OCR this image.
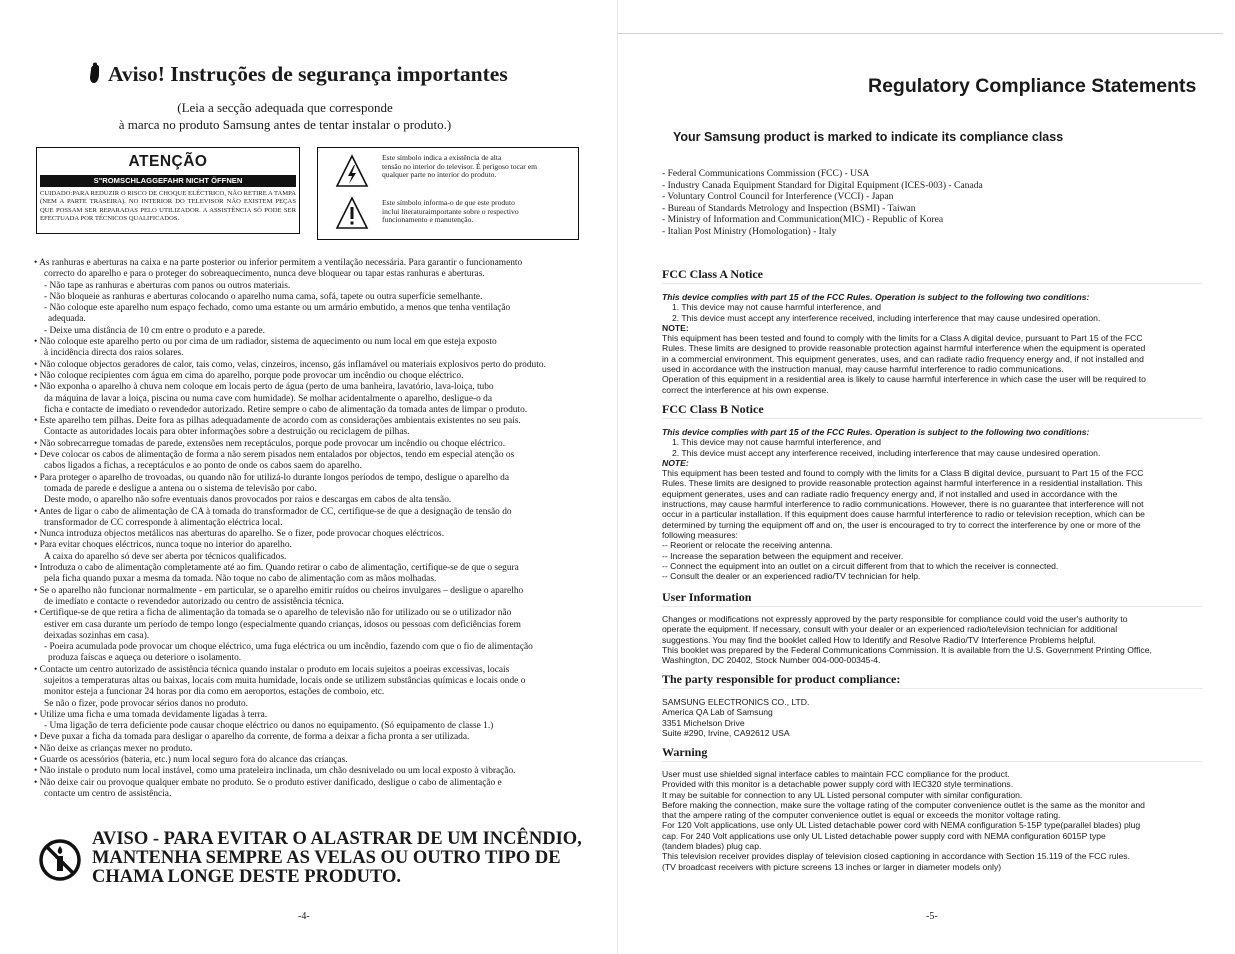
Aviso! Instruções de segurança importantes
(Leia a secção adequada que corresponde
à marca no produto Samsung antes de tentar instalar o produto.)
ATENÇÃO
S"ROMSCHLAGGEFAHR NICHT ÖFFNEN
CUIDADO:PARA REDUZIR O RISCO DE CHOQUE ELÉCTRICO, NÃO RETIRE A TAMPA (NEM A PARTE TRASEIRA). NO INTERIOR DO TELEVISOR NÃO EXISTEM PEÇAS QUE POSSAM SER REPARADAS PELO UTILIZADOR. A ASSISTÊNCIA SÓ PODE SER EFECTUADA POR TÉCNICOS QUALIFICADOS.
Este símbolo indica a existência de alta
tensão no interior do televisor. É perigoso tocar em
qualquer parte no interior do produto.
Este símbolo informa-o de que este produto
inclui literaturaimportante sobre o respectivo
funcionamento e manutenção.

• As ranhuras e aberturas na caixa e na parte posterior ou inferior permitem a ventilação necessária. Para garantir o funcionamento

correcto do aparelho e para o proteger do sobreaquecimento, nunca deve bloquear ou tapar estas ranhuras e aberturas.

- Não tape as ranhuras e aberturas com panos ou outros materiais.

- Não bloqueie as ranhuras e aberturas colocando o aparelho numa cama, sofá, tapete ou outra superfície semelhante.

- Não coloque este aparelho num espaço fechado, como uma estante ou um armário embutido, a menos que tenha ventilação

adequada.

- Deixe uma distância de 10 cm entre o produto e a parede.

• Não coloque este aparelho perto ou por cima de um radiador, sistema de aquecimento ou num local em que esteja exposto

à incidência directa dos raios solares.

• Não coloque objectos geradores de calor, tais como, velas, cinzeiros, incenso, gás inflamável ou materiais explosivos perto do produto.

• Não coloque recipientes com água em cima do aparelho, porque pode provocar um incêndio ou choque eléctrico.

• Não exponha o aparelho à chuva nem coloque em locais perto de água (perto de uma banheira, lavatório, lava-loiça, tubo

da máquina de lavar a loiça, piscina ou numa cave com humidade). Se molhar acidentalmente o aparelho, desligue-o da

ficha e contacte de imediato o revendedor autorizado. Retire sempre o cabo de alimentação da tomada antes de limpar o produto.

• Este aparelho tem pilhas. Deite fora as pilhas adequadamente de acordo com as considerações ambientais existentes no seu país.

Contacte as autoridades locais para obter informações sobre a destruição ou reciclagem de pilhas.

• Não sobrecarregue tomadas de parede, extensões nem receptáculos, porque pode provocar um incêndio ou choque eléctrico.

• Deve colocar os cabos de alimentação de forma a não serem pisados nem entalados por objectos, tendo em especial atenção os

cabos ligados a fichas, a receptáculos e ao ponto de onde os cabos saem do aparelho.

• Para proteger o aparelho de trovoadas, ou quando não for utilizá-lo durante longos períodos de tempo, desligue o aparelho da

tomada de parede e desligue a antena ou o sistema de televisão por cabo.

Deste modo, o aparelho não sofre eventuais danos provocados por raios e descargas em cabos de alta tensão.

• Antes de ligar o cabo de alimentação de CA à tomada do transformador de CC, certifique-se de que a designação de tensão do

transformador de CC corresponde à alimentação eléctrica local.

• Nunca introduza objectos metálicos nas aberturas do aparelho. Se o fizer, pode provocar choques eléctricos.

• Para evitar choques eléctricos, nunca toque no interior do aparelho.

A caixa do aparelho só deve ser aberta por técnicos qualificados.

• Introduza o cabo de alimentação completamente até ao fim. Quando retirar o cabo de alimentação, certifique-se de que o segura

pela ficha quando puxar a mesma da tomada. Não toque no cabo de alimentação com as mãos molhadas.

• Se o aparelho não funcionar normalmente - em particular, se o aparelho emitir ruídos ou cheiros invulgares – desligue o aparelho

de imediato e contacte o revendedor autorizado ou centro de assistência técnica.

• Certifique-se de que retira a ficha de alimentação da tomada se o aparelho de televisão não for utilizado ou se o utilizador não

estiver em casa durante um período de tempo longo (especialmente quando crianças, idosos ou pessoas com deficiências forem

deixadas sozinhas em casa).

- Poeira acumulada pode provocar um choque eléctrico, uma fuga eléctrica ou um incêndio, fazendo com que o fio de alimentação

produza faíscas e aqueça ou deteriore o isolamento.

• Contacte um centro autorizado de assistência técnica quando instalar o produto em locais sujeitos a poeiras excessivas, locais

sujeitos a temperaturas altas ou baixas, locais com muita humidade, locais onde se utilizem substâncias químicas e locais onde o

monitor esteja a funcionar 24 horas por dia como em aeroportos, estações de comboio, etc.

Se não o fizer, pode provocar sérios danos no produto.

• Utilize uma ficha e uma tomada devidamente ligadas à terra.

- Uma ligação de terra deficiente pode causar choque eléctrico ou danos no equipamento. (Só equipamento de classe 1.)

• Deve puxar a ficha da tomada para desligar o aparelho da corrente, de forma a deixar a ficha pronta a ser utilizada.

• Não deixe as crianças mexer no produto.

• Guarde os acessórios (bateria, etc.) num local seguro fora do alcance das crianças.

• Não instale o produto num local instável, como uma prateleira inclinada, um chão desnivelado ou um local exposto à vibração.

• Não deixe cair ou provoque qualquer embate no produto. Se o produto estiver danificado, desligue o cabo de alimentação e

contacte um centro de assistência.

AVISO - PARA EVITAR O ALASTRAR DE UM INCÊNDIO,
MANTENHA SEMPRE AS VELAS OU OUTRO TIPO DE
CHAMA LONGE DESTE PRODUTO.
-4-
Regulatory Compliance Statements
Your Samsung product is marked to indicate its compliance class

- Federal Communications Commission (FCC) - USA

- Industry Canada Equipment Standard for Digital Equipment (ICES-003) - Canada

- Voluntary Control Council for Interference (VCCI) - Japan

- Bureau of Standards Metrology and Inspection (BSMI) - Taiwan

- Ministry of Information and Communication(MIC) - Republic of Korea

- Italian Post Ministry (Homologation) - Italy

FCC Class A Notice

This device complies with part 15 of the FCC Rules. Operation is subject to the following two conditions:

1. This device may not cause harmful interference, and

2. This device must accept any interference received, including interference that may cause undesired operation.

NOTE:

This equipment has been tested and found to comply with the limits for a Class A digital device, pursuant to Part 15 of the FCC

Rules. These limits are designed to provide reasonable protection against harmful interference when the equipment is operated

in a commercial environment. This equipment generates, uses, and can radiate radio frequency energy and, if not installed and

used in accordance with the instruction manual, may cause harmful interference to radio communications.

Operation of this equipment in a residential area is likely to cause harmful interference in which case the user will be required to

correct the interference at his own expense.

FCC Class B Notice

This device complies with part 15 of the FCC Rules. Operation is subject to the following two conditions:

1. This device may not cause harmful interference, and

2. This device must accept any interference received, including interference that may cause undesired operation.

NOTE:

This equipment has been tested and found to comply with the limits for a Class B digital device, pursuant to Part 15 of the FCC

Rules. These limits are designed to provide reasonable protection against harmful interference in a residential installation. This

equipment generates, uses and can radiate radio frequency energy and, if not installed and used in accordance with the

instructions, may cause harmful interference to radio communications. However, there is no guarantee that interference will not

occur in a particular installation. If this equipment does cause harmful interference to radio or television reception, which can be

determined by turning the equipment off and on, the user is encouraged to try to correct the interference by one or more of the

following measures:

-- Reorient or relocate the receiving antenna.

-- Increase the separation between the equipment and receiver.

-- Connect the equipment into an outlet on a circuit different from that to which the receiver is connected.

-- Consult the dealer or an experienced radio/TV technician for help.

User Information

Changes or modifications not expressly approved by the party responsible for compliance could void the user's authority to

operate the equipment. If necessary, consult with your dealer or an experienced radio/television technician for additional

suggestions. You may find the booklet called How to Identify and Resolve Radio/TV Interference Problems helpful.

This booklet was prepared by the Federal Communications Commission. It is available from the U.S. Government Printing Office,

Washington, DC 20402, Stock Number 004-000-00345-4.

The party responsible for product compliance:

SAMSUNG ELECTRONICS CO., LTD.

America QA Lab of Samsung

3351 Michelson Drive

Suite #290, Irvine, CA92612 USA

Warning

User must use shielded signal interface cables to maintain FCC compliance for the product.

Provided with this monitor is a detachable power supply cord with IEC320 style terminations.

It may be suitable for connection to any UL Listed personal computer with similar configuration.

Before making the connection, make sure the voltage rating of the computer convenience outlet is the same as the monitor and

that the ampere rating of the computer convenience outlet is equal or exceeds the monitor voltage rating.

For 120 Volt applications, use only UL Listed detachable power cord with NEMA configuration 5-15P type(parallel blades) plug

cap. For 240 Volt applications use only UL Listed detachable power supply cord with NEMA configuration 6015P type

(tandem blades) plug cap.

This television receiver provides display of television closed captioning in accordance with Section 15.119 of the FCC rules.

(TV broadcast receivers with picture screens 13 inches or larger in diameter models only)

-5-
